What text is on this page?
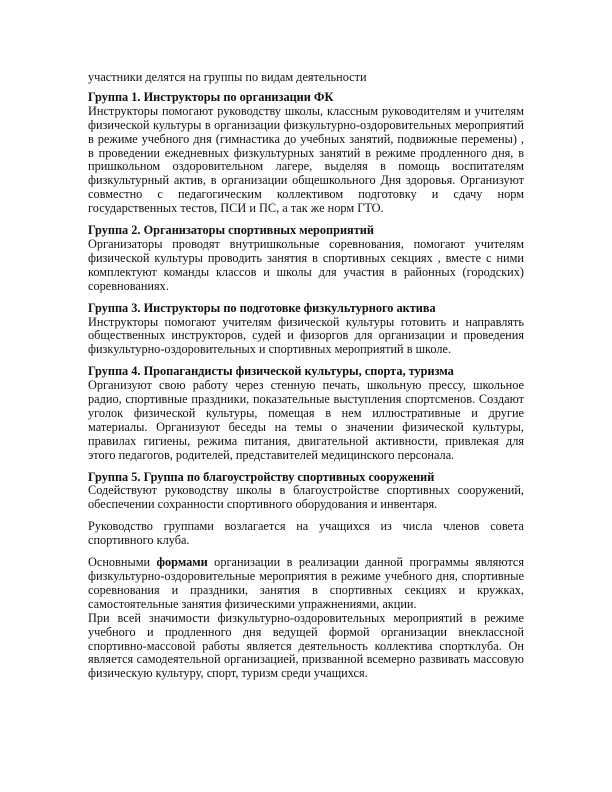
участники делятся на группы по видам деятельности

Группа 1. Инструкторы по организации ФК

Инструкторы помогают руководству школы, классным руководителям и учителям физической культуры в организации физкультурно-оздоровительных мероприятий в режиме учебного дня (гимнастика до учебных занятий, подвижные перемены) , в проведении ежедневных физкультурных занятий в режиме продленного дня, в пришкольном оздоровительном лагере, выделяя в помощь воспитателям физкультурный актив, в организации общешкольного Дня здоровья. Организуют совместно с педагогическим коллективом подготовку и сдачу норм государственных тестов, ПСИ и ПС, а так же норм ГТО.

Группа 2. Организаторы спортивных мероприятий

Организаторы проводят внутришкольные соревнования, помогают учителям физической культуры проводить занятия в спортивных секциях , вместе с ними комплектуют команды классов и школы для участия в районных (городских) соревнованиях.

Группа 3. Инструкторы по подготовке физкультурного актива

Инструкторы помогают учителям физической культуры готовить и направлять общественных инструкторов, судей и физоргов для организации и проведения физкультурно-оздоровительных и спортивных мероприятий в школе.

Группа 4. Пропагандисты физической культуры, спорта, туризма

Организуют свою работу через стенную печать, школьную прессу, школьное радио, спортивные праздники, показательные выступления спортсменов. Создают уголок физической культуры, помещая в нем иллюстративные и другие материалы. Организуют беседы на темы о значении физической культуры, правилах гигиены, режима питания, двигательной активности, привлекая для этого педагогов, родителей, представителей медицинского персонала.

Группа 5. Группа по благоустройству спортивных сооружений

Содействуют руководству школы в благоустройстве спортивных сооружений, обеспечении сохранности спортивного оборудования и инвентаря.

Руководство группами возлагается на учащихся из числа членов совета спортивного клуба.

Основными формами организации в реализации данной программы являются физкультурно-оздоровительные мероприятия в режиме учебного дня, спортивные соревнования и праздники, занятия в спортивных секциях и кружках, самостоятельные занятия физическими упражнениями, акции.

При всей значимости физкультурно-оздоровительных мероприятий в режиме учебного и продленного дня ведущей формой организации внеклассной спортивно-массовой работы является деятельность коллектива спортклуба. Он является самодеятельной организацией, призванной всемерно развивать массовую физическую культуру, спорт, туризм среди учащихся.
